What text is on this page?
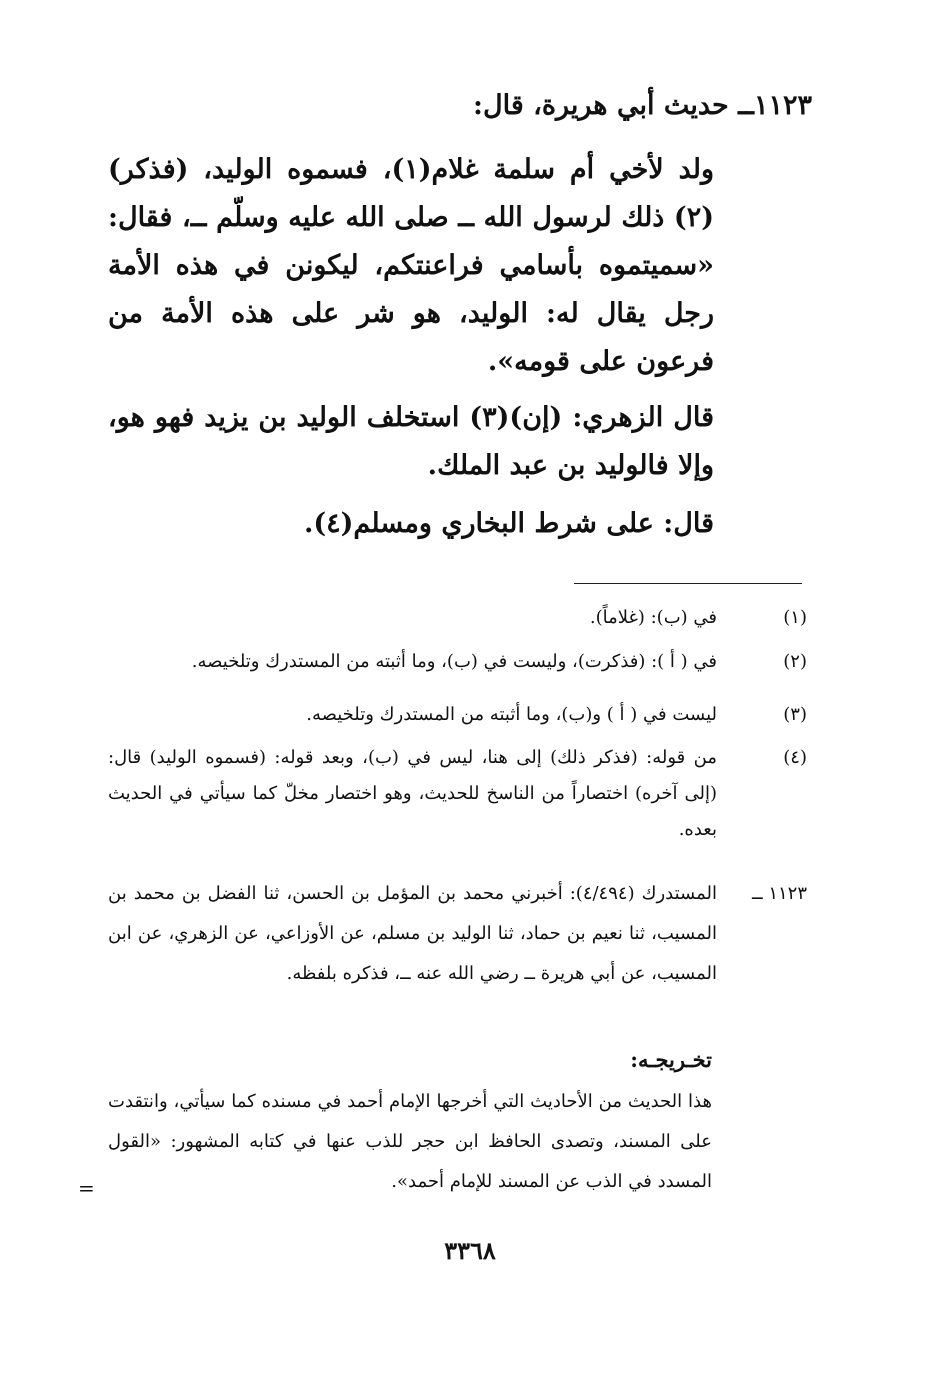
١١٢٣ــ حديث أبي هريرة، قال:
ولد لأخي أم سلمة غلام(١)، فسموه الوليد، (فذكر)(٢) ذلك لرسول الله ــ صلى الله عليه وسلّم ــ، فقال: «سميتموه بأسامي فراعنتكم، ليكونن في هذه الأمة رجل يقال له: الوليد، هو شر على هذه الأمة من فرعون على قومه».
قال الزهري: (إن)(٣) استخلف الوليد بن يزيد فهو هو، وإلا فالوليد بن عبد الملك.
قال: على شرط البخاري ومسلم(٤).
(١)
في (ب): (غلاماً).
(٢)
في ( أ ): (فذكرت)، وليست في (ب)، وما أثبته من المستدرك وتلخيصه.
(٣)
ليست في ( أ ) و(ب)، وما أثبته من المستدرك وتلخيصه.
(٤)
من قوله: (فذكر ذلك) إلى هنا، ليس في (ب)، وبعد قوله: (فسموه الوليد) قال: (إلى آخره) اختصاراً من الناسخ للحديث، وهو اختصار مخلّ كما سيأتي في الحديث بعده.
١١٢٣ ــ
المستدرك (٤/٤٩٤): أخبرني محمد بن المؤمل بن الحسن، ثنا الفضل بن محمد بن المسيب، ثنا نعيم بن حماد، ثنا الوليد بن مسلم، عن الأوزاعي، عن الزهري، عن ابن المسيب، عن أبي هريرة ــ رضي الله عنه ــ، فذكره بلفظه.
تخـريجـه:
هذا الحديث من الأحاديث التي أخرجها الإمام أحمد في مسنده كما سيأتي، وانتقدت على المسند، وتصدى الحافظ ابن حجر للذب عنها في كتابه المشهور: «القول المسدد في الذب عن المسند للإمام أحمد».
=
٣٣٦٨
